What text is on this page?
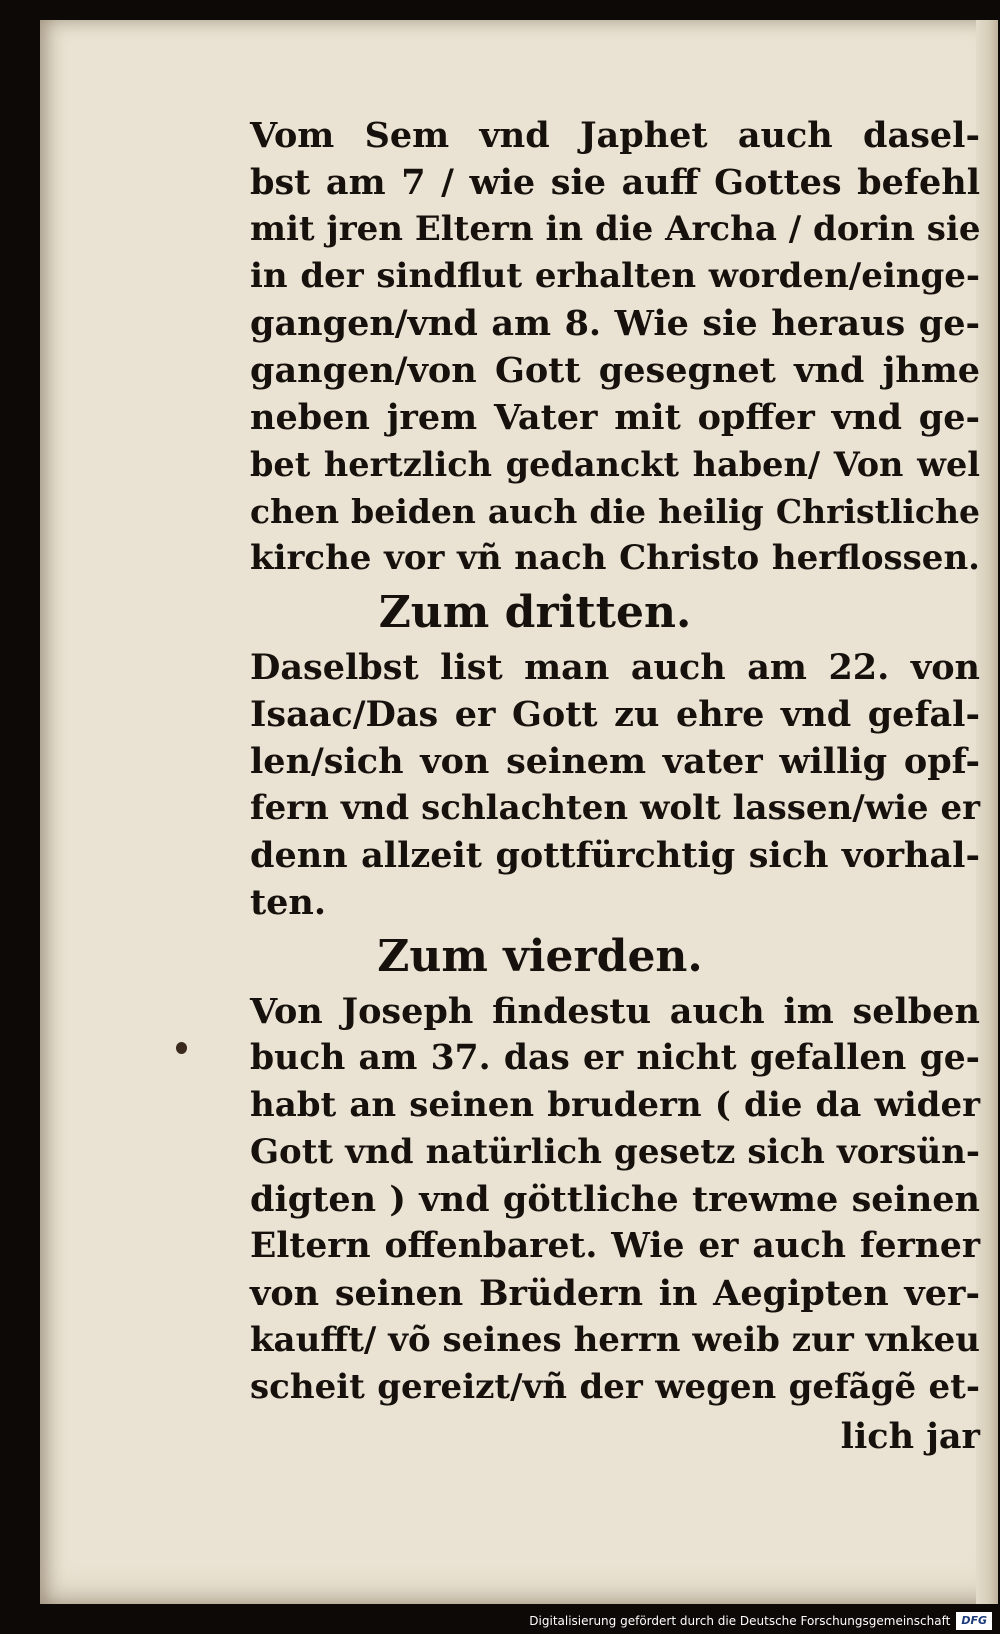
Vom Sem vnd Japhet auch dasel-
bst am 7 / wie sie auff Gottes befehl
mit jren Eltern in die Archa / dorin sie
in der sindflut erhalten worden/einge-
gangen/vnd am 8. Wie sie heraus ge-
gangen/von Gott gesegnet vnd jhme
neben jrem Vater mit opffer vnd ge-
bet hertzlich gedanckt haben/ Von wel
chen beiden auch die heilig Christliche
kirche vor vñ nach Christo herflossen.
Zum dritten.
Daselbst list man auch am 22. von
Isaac/Das er Gott zu ehre vnd gefal-
len/sich von seinem vater willig opf-
fern vnd schlachten wolt lassen/wie er
denn allzeit gottfürchtig sich vorhal-
ten.
Zum vierden.
Von Joseph findestu auch im selben
buch am 37. das er nicht gefallen ge-
habt an seinen brudern ( die da wider
Gott vnd natürlich gesetz sich vorsün-
digten ) vnd göttliche trewme seinen
Eltern offenbaret. Wie er auch ferner
von seinen Brüdern in Aegipten ver-
kaufft/ võ seines herrn weib zur vnkeu
scheit gereizt/vñ der wegen gefãgẽ et-
lich jar
Digitalisierung gefördert durch die Deutsche Forschungsgemeinschaft	DFG
